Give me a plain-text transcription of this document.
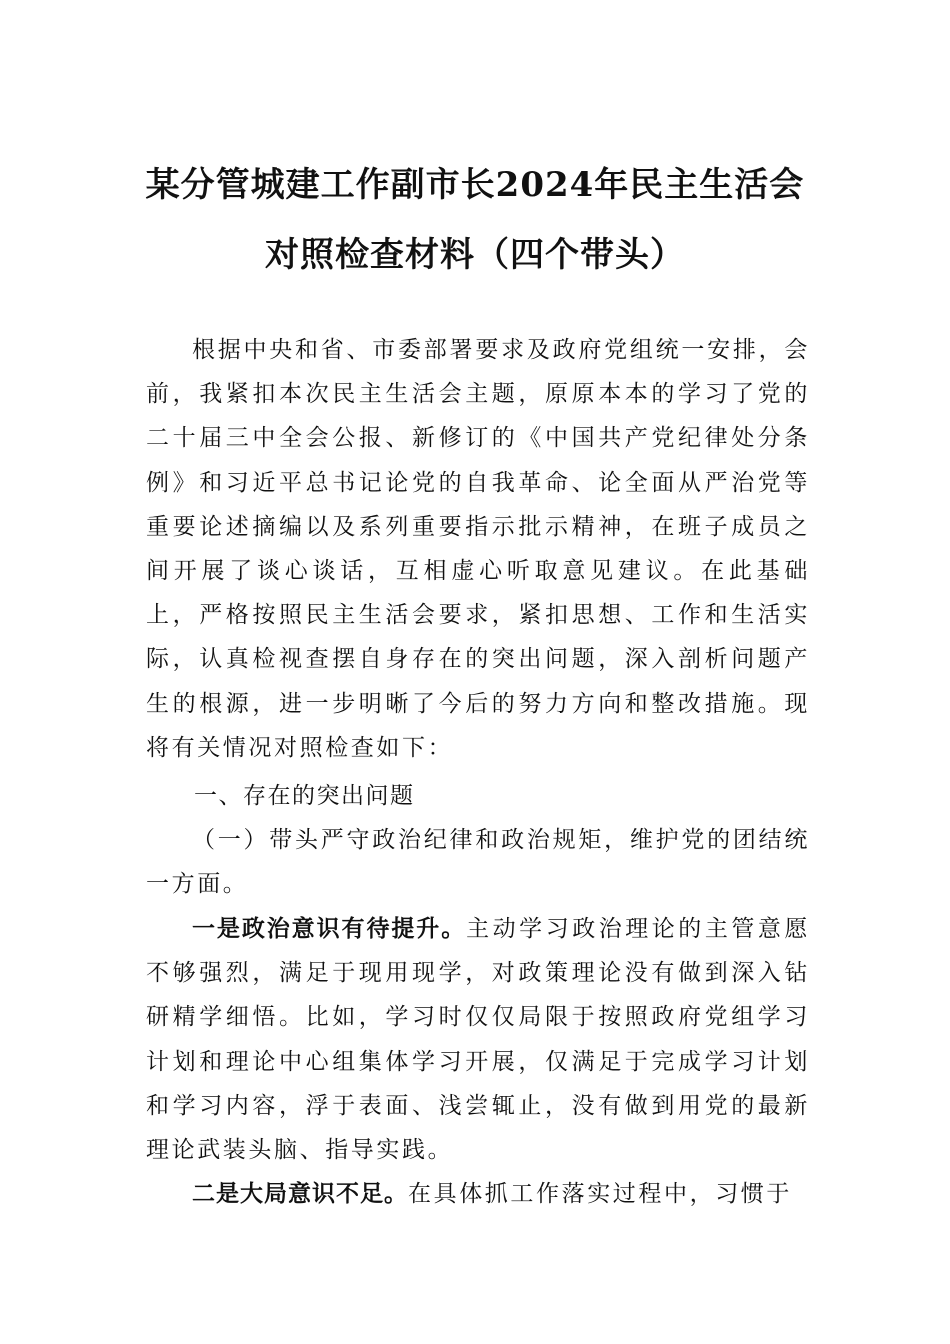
某分管城建工作副市长2024年民主生活会
对照检查材料（四个带头）

根据中央和省、市委部署要求及政府党组统一安排，会前，我紧扣本次民主生活会主题，原原本本的学习了党的二十届三中全会公报、新修订的《中国共产党纪律处分条例》和习近平总书记论党的自我革命、论全面从严治党等重要论述摘编以及系列重要指示批示精神，在班子成员之间开展了谈心谈话，互相虚心听取意见建议。在此基础上，严格按照民主生活会要求，紧扣思想、工作和生活实际，认真检视查摆自身存在的突出问题，深入剖析问题产生的根源，进一步明晰了今后的努力方向和整改措施。现将有关情况对照检查如下：

一、存在的突出问题

（一）带头严守政治纪律和政治规矩，维护党的团结统一方面。

一是政治意识有待提升。主动学习政治理论的主管意愿不够强烈，满足于现用现学，对政策理论没有做到深入钻研精学细悟。比如，学习时仅仅局限于按照政府党组学习计划和理论中心组集体学习开展，仅满足于完成学习计划和学习内容，浮于表面、浅尝辄止，没有做到用党的最新理论武装头脑、指导实践。

二是大局意识不足。在具体抓工作落实过程中，习惯于
